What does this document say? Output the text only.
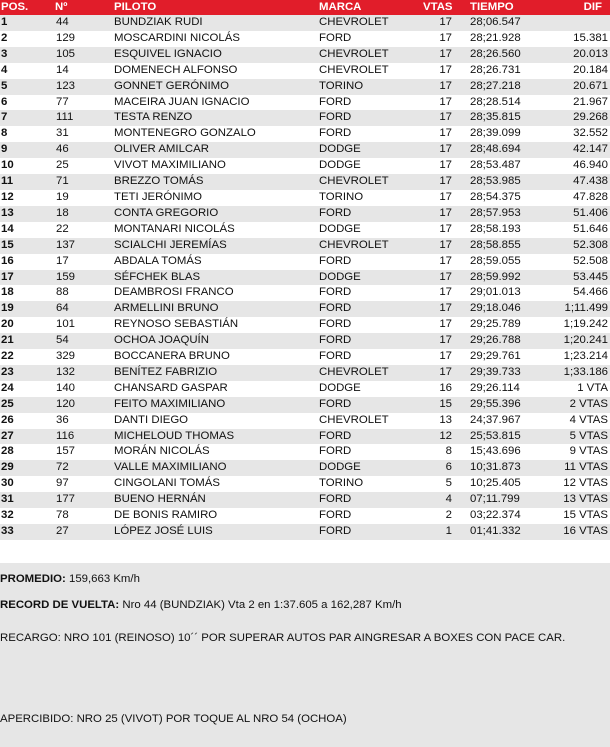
POS.	Nº	PILOTO	MARCA	VTAS	TIEMPO	DIF
1	44	BUNDZIAK RUDI	CHEVROLET	17	28;06.547	
2	129	MOSCARDINI NICOLÁS	FORD	17	28;21.928	15.381
3	105	ESQUIVEL IGNACIO	CHEVROLET	17	28;26.560	20.013
4	14	DOMENECH ALFONSO	CHEVROLET	17	28;26.731	20.184
5	123	GONNET GERÓNIMO	TORINO	17	28;27.218	20.671
6	77	MACEIRA JUAN IGNACIO	FORD	17	28;28.514	21.967
7	111	TESTA RENZO	FORD	17	28;35.815	29.268
8	31	MONTENEGRO GONZALO	FORD	17	28;39.099	32.552
9	46	OLIVER AMILCAR	DODGE	17	28;48.694	42.147
10	25	VIVOT MAXIMILIANO	DODGE	17	28;53.487	46.940
11	71	BREZZO TOMÁS	CHEVROLET	17	28;53.985	47.438
12	19	TETI JERÓNIMO	TORINO	17	28;54.375	47.828
13	18	CONTA GREGORIO	FORD	17	28;57.953	51.406
14	22	MONTANARI NICOLÁS	DODGE	17	28;58.193	51.646
15	137	SCIALCHI JEREMÍAS	CHEVROLET	17	28;58.855	52.308
16	17	ABDALA TOMÁS	FORD	17	28;59.055	52.508
17	159	SÉFCHEK BLAS	DODGE	17	28;59.992	53.445
18	88	DEAMBROSI FRANCO	FORD	17	29;01.013	54.466
19	64	ARMELLINI BRUNO	FORD	17	29;18.046	1;11.499
20	101	REYNOSO SEBASTIÁN	FORD	17	29;25.789	1;19.242
21	54	OCHOA JOAQUÍN	FORD	17	29;26.788	1;20.241
22	329	BOCCANERA BRUNO	FORD	17	29;29.761	1;23.214
23	132	BENÍTEZ FABRIZIO	CHEVROLET	17	29;39.733	1;33.186
24	140	CHANSARD GASPAR	DODGE	16	29;26.114	1 VTA
25	120	FEITO MAXIMILIANO	FORD	15	29;55.396	2 VTAS
26	36	DANTI DIEGO	CHEVROLET	13	24;37.967	4 VTAS
27	116	MICHELOUD THOMAS	FORD	12	25;53.815	5 VTAS
28	157	MORÁN NICOLÁS	FORD	8	15;43.696	9 VTAS
29	72	VALLE MAXIMILIANO	DODGE	6	10;31.873	11 VTAS
30	97	CINGOLANI TOMÁS	TORINO	5	10;25.405	12 VTAS
31	177	BUENO HERNÁN	FORD	4	07;11.799	13 VTAS
32	78	DE BONIS RAMIRO	FORD	2	03;22.374	15 VTAS
33	27	LÓPEZ JOSÉ LUIS	FORD	1	01;41.332	16 VTAS
PROMEDIO: 159,663 Km/h
RECORD DE VUELTA: Nro 44 (BUNDZIAK) Vta 2 en 1:37.605 a 162,287 Km/h
RECARGO: NRO 101 (REINOSO) 10´´ POR SUPERAR AUTOS PAR AINGRESAR A BOXES CON PACE CAR.
APERCIBIDO: NRO 25 (VIVOT) POR TOQUE AL NRO 54 (OCHOA)
